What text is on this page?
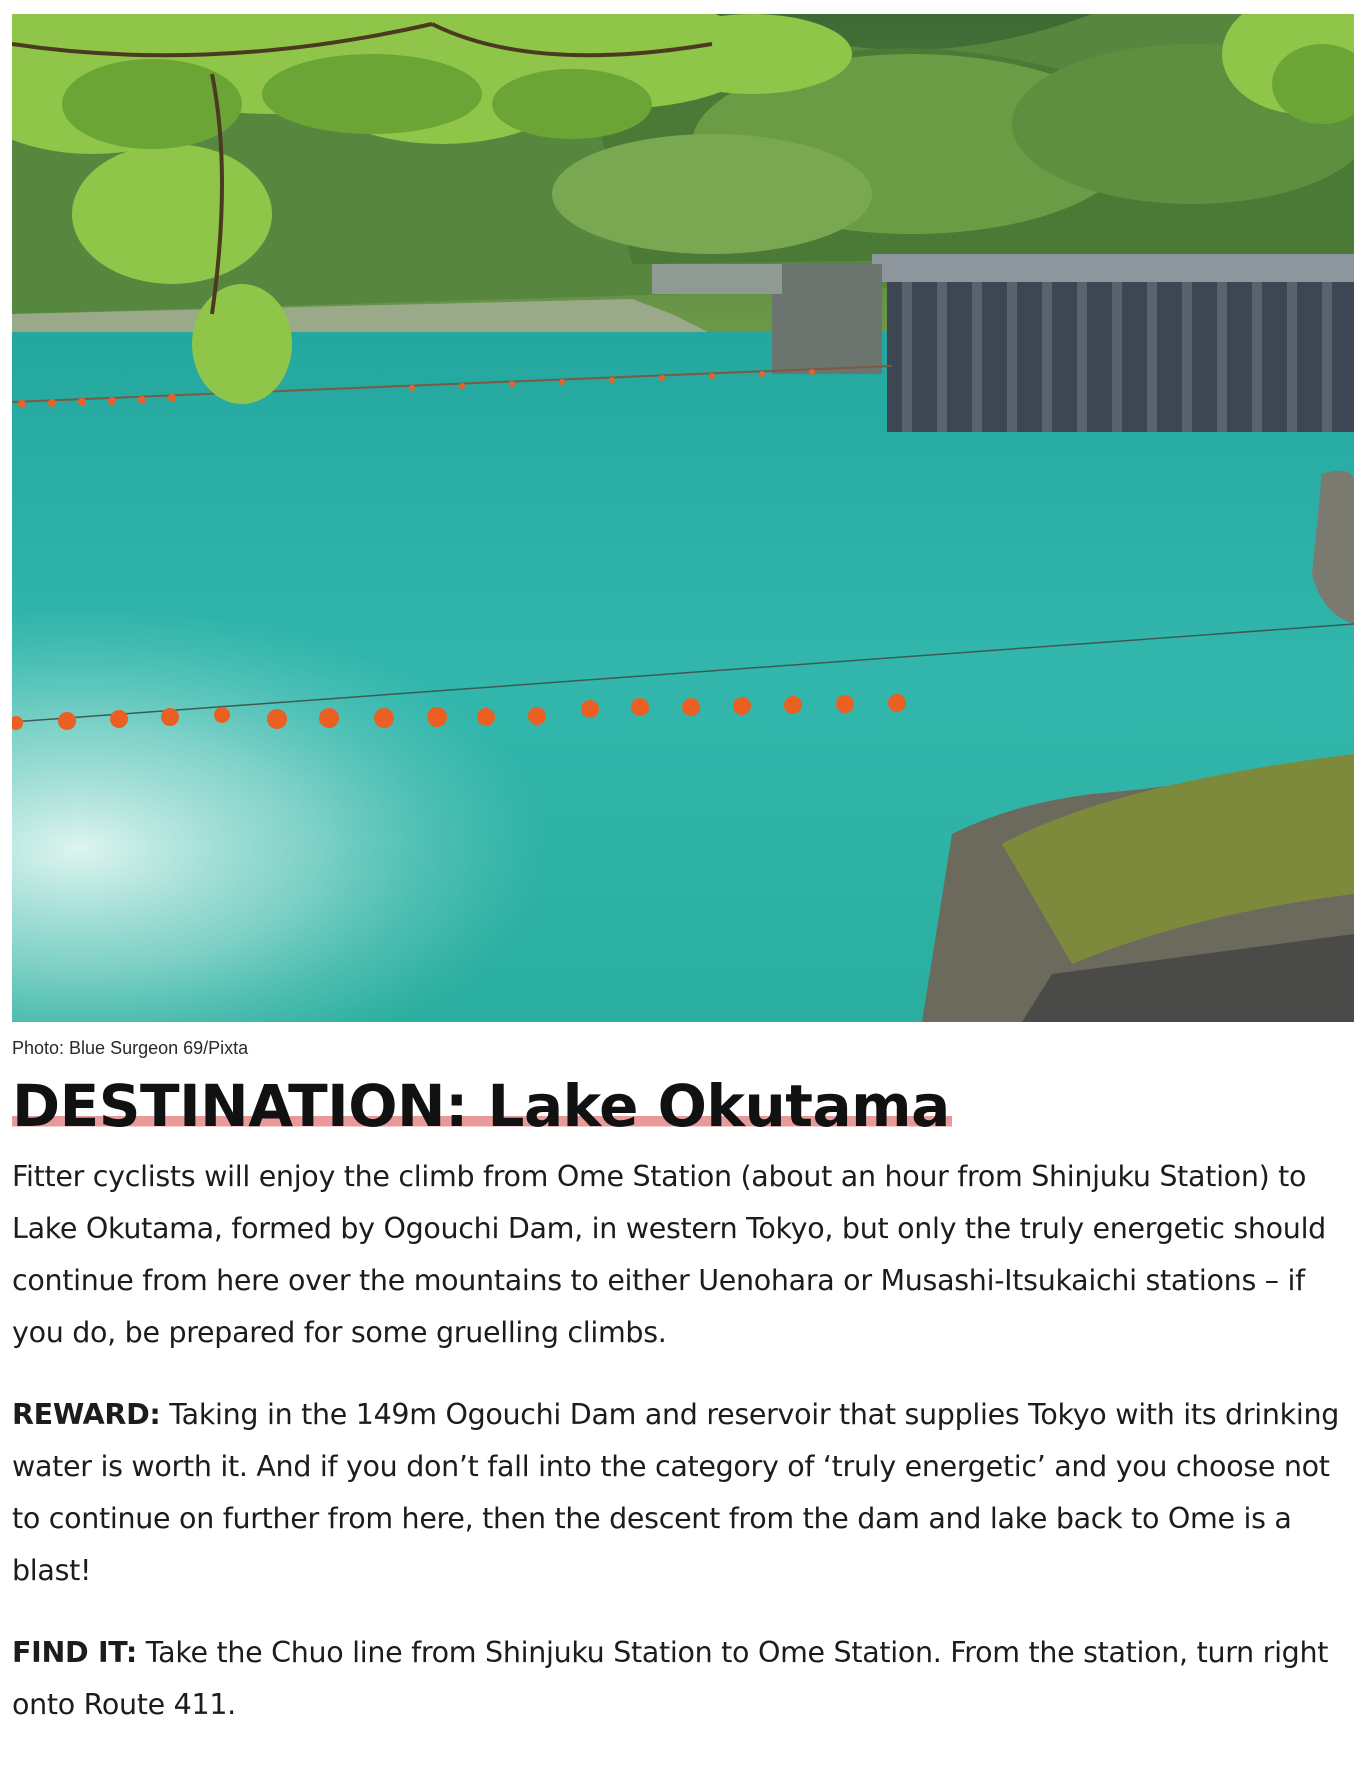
Photo: Blue Surgeon 69/Pixta
DESTINATION: Lake Okutama

Fitter cyclists will enjoy the climb from Ome Station (about an hour from Shinjuku Station) to Lake Okutama, formed by Ogouchi Dam, in western Tokyo, but only the truly energetic should continue from here over the mountains to either Uenohara or Musashi-Itsukaichi stations – if you do, be prepared for some gruelling climbs.

REWARD: Taking in the 149m Ogouchi Dam and reservoir that supplies Tokyo with its drinking water is worth it. And if you don’t fall into the category of ‘truly energetic’ and you choose not to continue on further from here, then the descent from the dam and lake back to Ome is a blast!

FIND IT: Take the Chuo line from Shinjuku Station to Ome Station. From the station, turn right onto Route 411.
